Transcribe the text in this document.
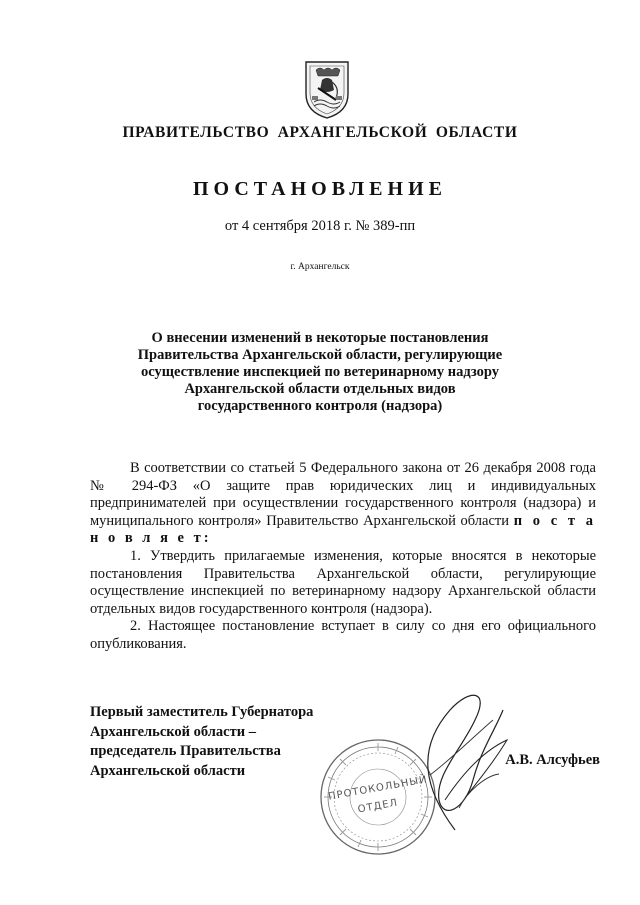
ПРАВИТЕЛЬСТВО АРХАНГЕЛЬСКОЙ ОБЛАСТИ
ПОСТАНОВЛЕНИЕ
от 4 сентября 2018 г. № 389-пп
г. Архангельск
О внесении изменений в некоторые постановления
Правительства Архангельской области, регулирующие
осуществление инспекцией по ветеринарному надзору
Архангельской области отдельных видов
государственного контроля (надзора)

В соответствии со статьей 5 Федерального закона от 26 декабря 2008 года № 294-ФЗ «О защите прав юридических лиц и индивидуальных предпринимателей при осуществлении государственного контроля (надзора) и муниципального контроля» Правительство Архангельской области п о с т а н о в л я е т:

1. Утвердить прилагаемые изменения, которые вносятся в некоторые постановления Правительства Архангельской области, регулирующие осуществление инспекцией по ветеринарному надзору Архангельской области отдельных видов государственного контроля (надзора).

2. Настоящее постановление вступает в силу со дня его официального опубликования.

Первый заместитель Губернатора
Архангельской области –
председатель Правительства
Архангельской области
ПРОТОКОЛЬНЫЙ
ОТДЕЛ
А.В. Алсуфьев
